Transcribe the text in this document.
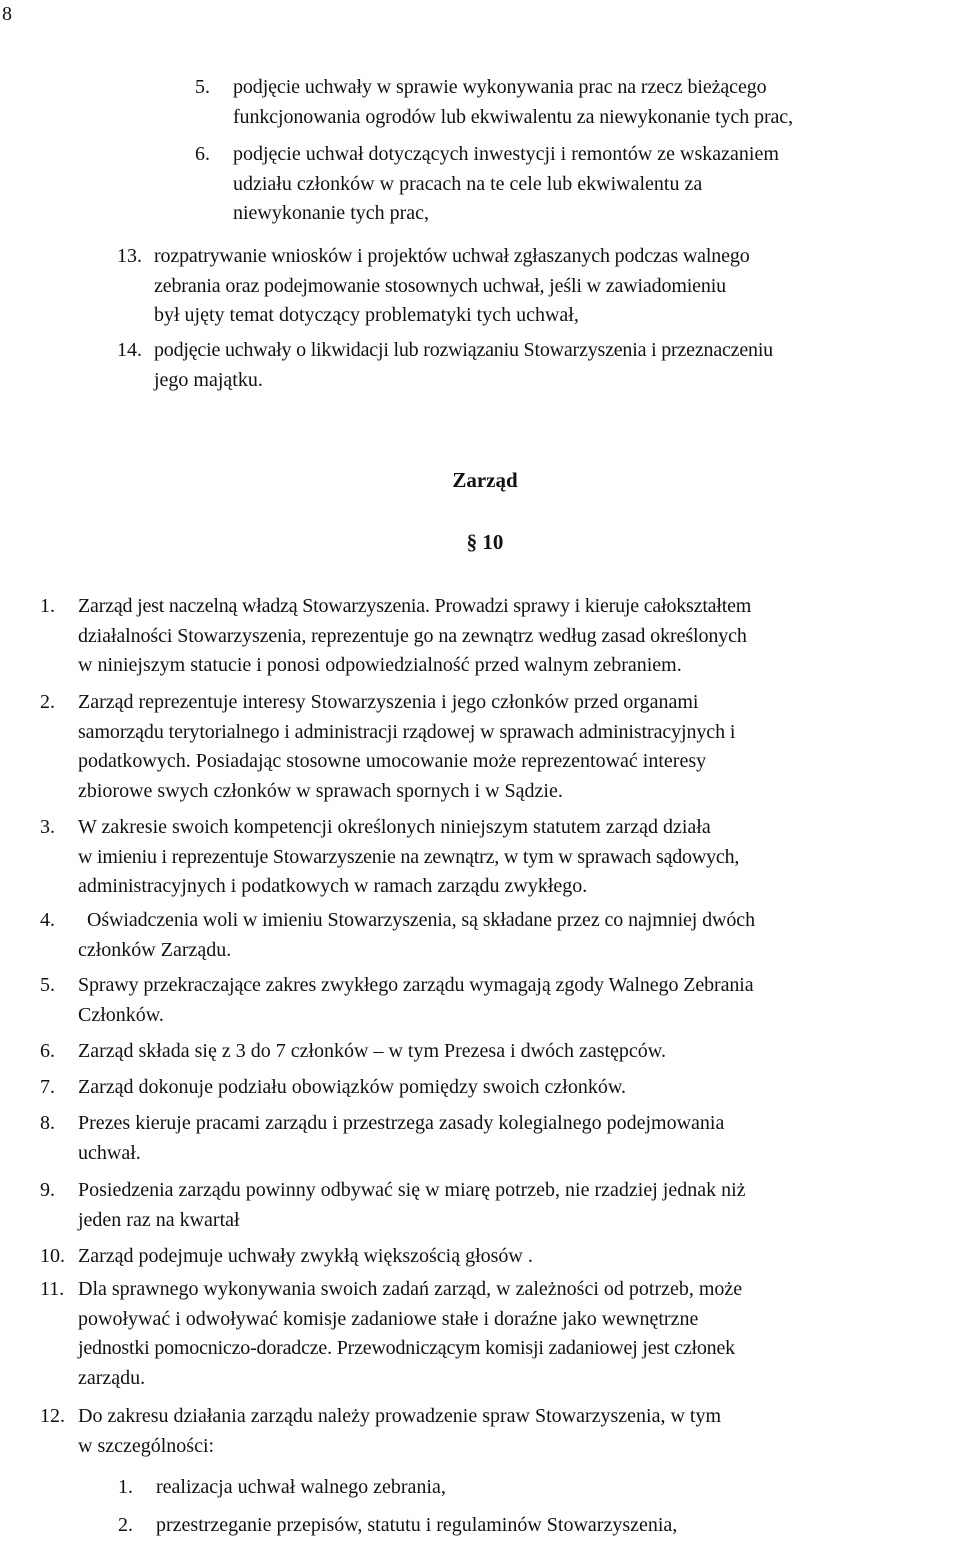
8
5. podjęcie uchwały w sprawie wykonywania prac na rzecz bieżącego
funkcjonowania ogrodów lub ekwiwalentu za niewykonanie tych prac,
6. podjęcie uchwał dotyczących inwestycji i remontów ze wskazaniem
udziału członków w pracach na te cele lub ekwiwalentu za
niewykonanie tych prac,
13. rozpatrywanie wniosków i projektów uchwał zgłaszanych podczas walnego
zebrania oraz podejmowanie stosownych uchwał, jeśli w zawiadomieniu
był ujęty temat dotyczący problematyki tych uchwał,
14. podjęcie uchwały o likwidacji lub rozwiązaniu Stowarzyszenia i przeznaczeniu
jego majątku.
Zarząd
§ 10
1. Zarząd jest naczelną władzą Stowarzyszenia. Prowadzi sprawy i kieruje całokształtem
działalności Stowarzyszenia, reprezentuje go na zewnątrz według zasad określonych
w niniejszym statucie i ponosi odpowiedzialność przed walnym zebraniem.
2. Zarząd reprezentuje interesy Stowarzyszenia i jego członków przed organami
samorządu terytorialnego i administracji rządowej w sprawach administracyjnych i
podatkowych. Posiadając stosowne umocowanie może reprezentować interesy
zbiorowe swych członków w sprawach spornych i w Sądzie.
3. W zakresie swoich kompetencji określonych niniejszym statutem zarząd działa
w imieniu i reprezentuje Stowarzyszenie na zewnątrz, w tym w sprawach sądowych,
administracyjnych i podatkowych w ramach zarządu zwykłego.
4.	Oświadczenia woli w imieniu Stowarzyszenia, są składane przez co najmniej dwóch
członków Zarządu.
5. Sprawy przekraczające zakres zwykłego zarządu wymagają zgody Walnego Zebrania
Członków.
6. Zarząd składa się z 3 do 7 członków – w tym Prezesa i dwóch zastępców.
7. Zarząd dokonuje podziału obowiązków pomiędzy swoich członków.
8. Prezes kieruje pracami zarządu i przestrzega zasady kolegialnego podejmowania
uchwał.
9. Posiedzenia zarządu powinny odbywać się w miarę potrzeb, nie rzadziej jednak niż
jeden raz na kwartał
10. Zarząd podejmuje uchwały zwykłą większością głosów .
11. Dla sprawnego wykonywania swoich zadań zarząd, w zależności od potrzeb, może
powoływać i odwoływać komisje zadaniowe stałe i doraźne jako wewnętrzne
jednostki pomocniczo-doradcze. Przewodniczącym komisji zadaniowej jest członek
zarządu.
12. Do zakresu działania zarządu należy prowadzenie spraw Stowarzyszenia, w tym
w szczególności:
1. realizacja uchwał walnego zebrania,
2. przestrzeganie przepisów, statutu i regulaminów Stowarzyszenia,
